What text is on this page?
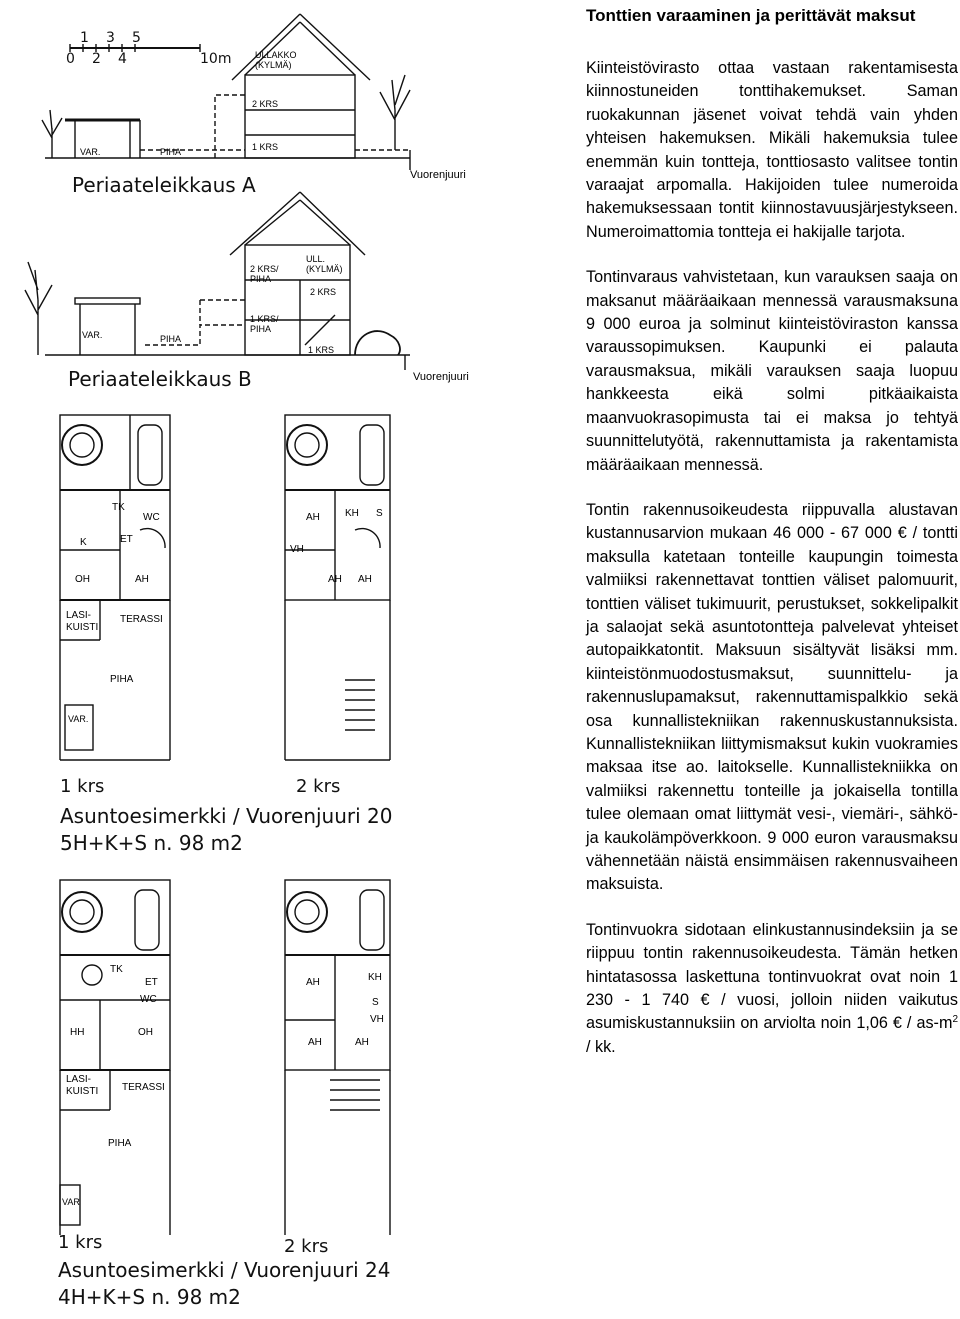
1 3 5
0 2 4	10m	ULLAKKO
(KYLMÄ)
2 KRS
1 KRS
VAR.	PIHA
Vuorenjuuri
Periaateleikkaus A
ULL.
(KYLMÄ)
2 KRS/
PIHA
2 KRS
1 KRS/
PIHA
1 KRS
VAR.	PIHA
Vuorenjuuri
Periaateleikkaus B
TK
WC
K	ET
OH	AH
LASI-
KUISTI
TERASSI
PIHA
VAR.
AH	KH S
VH
AH AH
1 krs	2 krs
Asuntoesimerkki / Vuorenjuuri 20
5H+K+S n. 98 m2
TK
ET
WC
HH	OH
LASI-
KUISTI TERASSI
PIHA
VAR
KH
S
AH
VH
AH	AH
1 krs	2 krs
Asuntoesimerkki / Vuorenjuuri 24
4H+K+S n. 98 m2
Tonttien varaaminen ja perittävät maksut

Kiinteistövirasto ottaa vastaan rakentamisesta kiinnostuneiden tonttihakemukset. Saman ruokakunnan jäsenet voivat tehdä vain yhden yhteisen hakemuksen. Mikäli hakemuksia tulee enemmän kuin tontteja, tonttiosasto valitsee tontin varaajat arpomalla. Hakijoiden tulee numeroida hakemuksessaan tontit kiinnostavuusjärjestykseen. Numeroimattomia tontteja ei hakijalle tarjota.

Tontinvaraus vahvistetaan, kun varauksen saaja on maksanut määräaikaan mennessä varausmaksuna 9 000 euroa ja solminut kiinteistöviraston kanssa varaussopimuksen. Kaupunki ei palauta varausmaksua, mikäli varauksen saaja luopuu hankkeesta eikä solmi pitkäaikaista maanvuokrasopimusta tai ei maksa jo tehtyä suunnittelutyötä, rakennuttamista ja rakentamista määräaikaan mennessä.

Tontin rakennusoikeudesta riippuvalla alustavan kustannusarvion mukaan 46 000 - 67 000 € / tontti maksulla katetaan tonteille kaupungin toimesta valmiiksi rakennettavat tonttien väliset palomuurit, tonttien väliset tukimuurit, perustukset, sokkelipalkit ja salaojat sekä asuntotontteja palvelevat yhteiset autopaikkatontit. Maksuun sisältyvät lisäksi mm. kiinteistönmuodostusmaksut, suunnittelu- ja rakennuslupamaksut, rakennuttamispalkkio sekä osa kunnallistekniikan rakennuskustannuksista. Kunnallistekniikan liittymismaksut kukin vuokramies maksaa itse ao. laitokselle. Kunnallistekniikka on valmiiksi rakennettu tonteille ja jokaisella tontilla tulee olemaan omat liittymät vesi-, viemäri-, sähkö- ja kaukolämpöverkkoon. 9 000 euron varausmaksu vähennetään näistä ensimmäisen rakennusvaiheen maksuista.

Tontinvuokra sidotaan elinkustannusindeksiin ja se riippuu tontin rakennusoikeudesta. Tämän hetken hintatasossa laskettuna tontinvuokrat ovat noin 1 230 - 1 740 € / vuosi, jolloin niiden vaikutus asumiskustannuksiin on arviolta noin 1,06 € / $as-m^2$ / kk.
